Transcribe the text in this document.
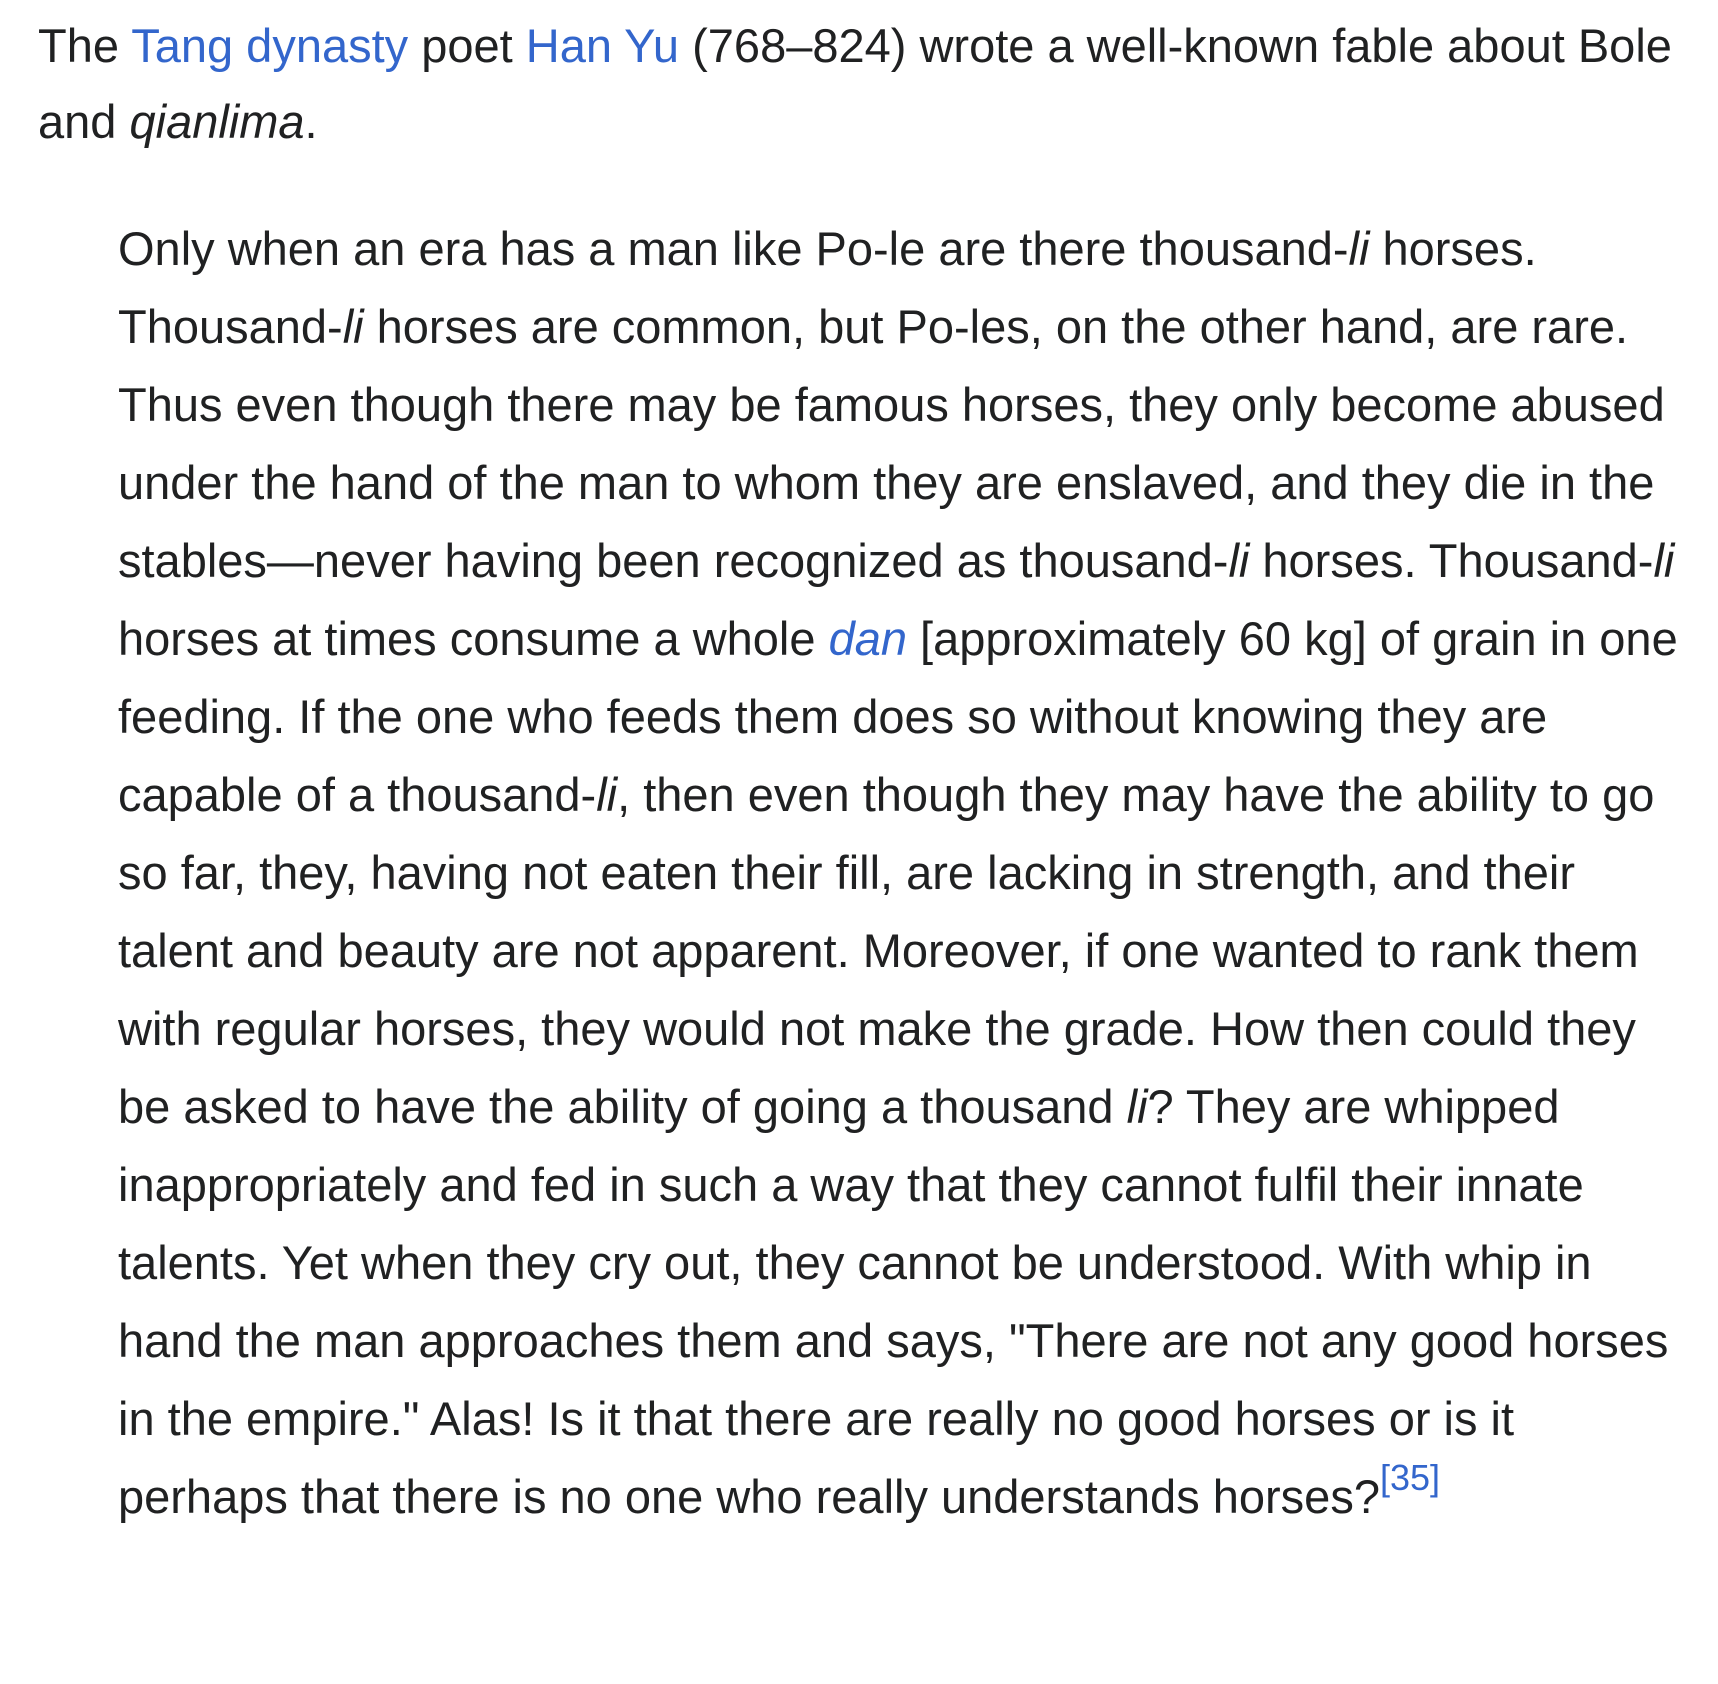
The Tang dynasty poet Han Yu (768–824) wrote a well-known fable about Bole and qianlima.

Only when an era has a man like Po-le are there thousand-li horses. Thousand-li horses are common, but Po-les, on the other hand, are rare. Thus even though there may be famous horses, they only become abused under the hand of the man to whom they are enslaved, and they die in the stables—never having been recognized as thousand-li horses. Thousand-li horses at times consume a whole dan [approximately 60 kg] of grain in one feeding. If the one who feeds them does so without knowing they are capable of a thousand-li, then even though they may have the ability to go so far, they, having not eaten their fill, are lacking in strength, and their talent and beauty are not apparent. Moreover, if one wanted to rank them with regular horses, they would not make the grade. How then could they be asked to have the ability of going a thousand li? They are whipped inappropriately and fed in such a way that they cannot fulfil their innate talents. Yet when they cry out, they cannot be understood. With whip in hand the man approaches them and says, "There are not any good horses in the empire." Alas! Is it that there are really no good horses or is it perhaps that there is no one who really understands horses?[35]
